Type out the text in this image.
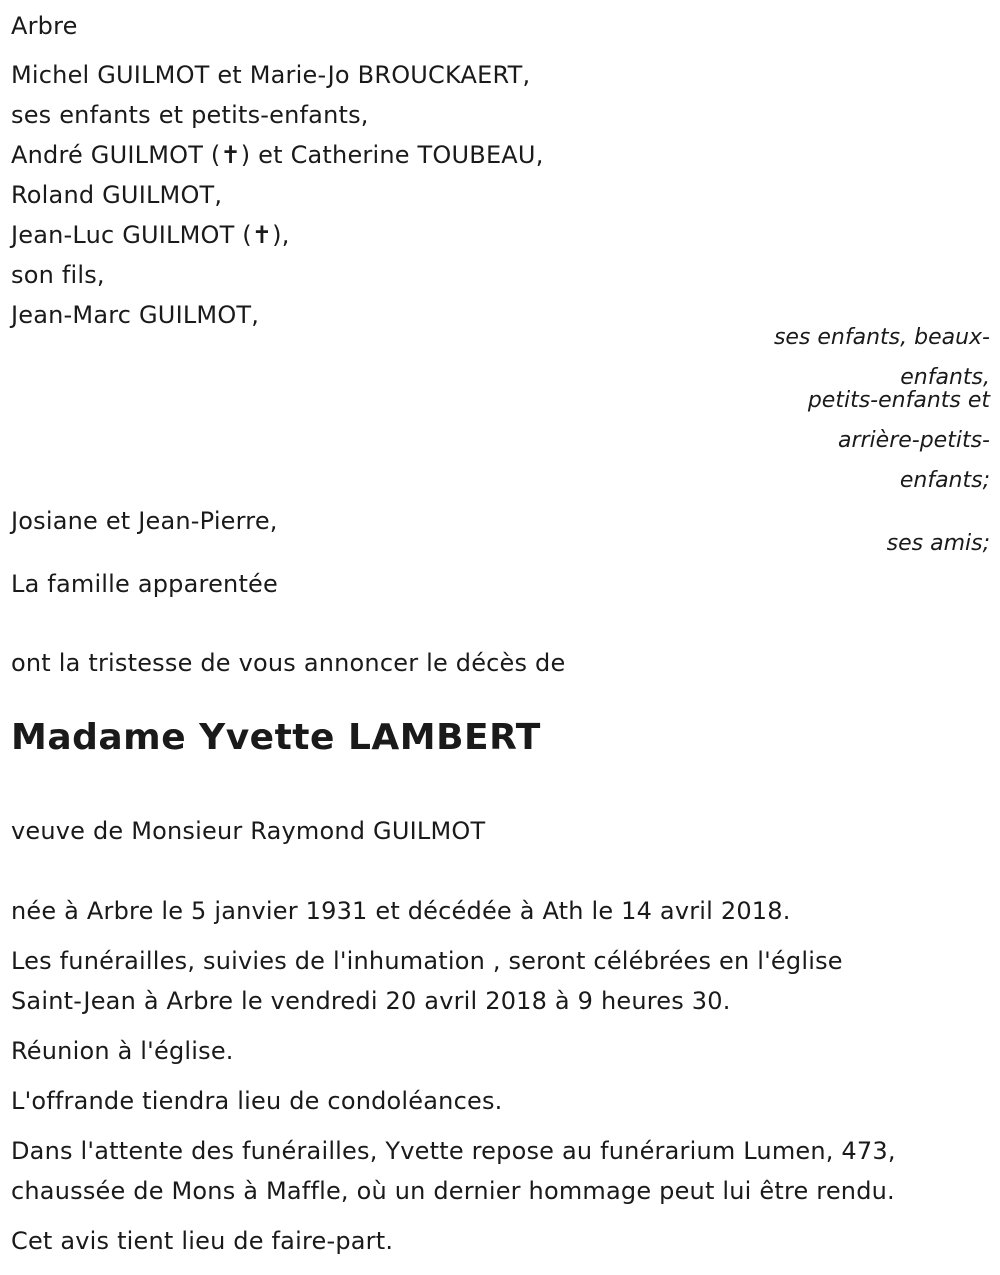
Arbre
Michel GUILMOT et Marie-Jo BROUCKAERT,
ses enfants et petits-enfants,
André GUILMOT (✝) et Catherine TOUBEAU,
Roland GUILMOT,
Jean-Luc GUILMOT (✝),
son fils,
Jean-Marc GUILMOT,
ses enfants, beaux-
enfants,
petits-enfants et
arrière-petits-
enfants;
Josiane et Jean-Pierre,
ses amis;
La famille apparentée
ont la tristesse de vous annoncer le décès de
Madame Yvette LAMBERT
veuve de Monsieur Raymond GUILMOT
née à Arbre le 5 janvier 1931 et décédée à Ath le 14 avril 2018.
Les funérailles, suivies de l'inhumation , seront célébrées en l'église
Saint-Jean à Arbre le vendredi 20 avril 2018 à 9 heures 30.
Réunion à l'église.
L'offrande tiendra lieu de condoléances.
Dans l'attente des funérailles, Yvette repose au funérarium Lumen, 473,
chaussée de Mons à Maffle, où un dernier hommage peut lui être rendu.
Cet avis tient lieu de faire-part.
